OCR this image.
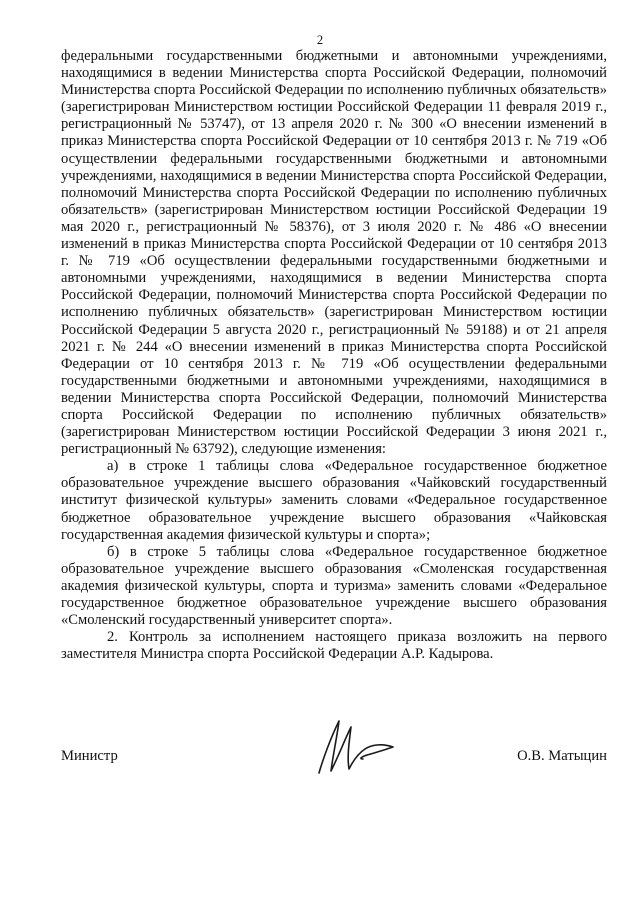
2

федеральными государственными бюджетными и автономными учреждениями, находящимися в ведении Министерства спорта Российской Федерации, полномочий Министерства спорта Российской Федерации по исполнению публичных обязательств» (зарегистрирован Министерством юстиции Российской Федерации 11 февраля 2019 г., регистрационный № 53747), от 13 апреля 2020 г. № 300 «О внесении изменений в приказ Министерства спорта Российской Федерации от 10 сентября 2013 г. № 719 «Об осуществлении федеральными государственными бюджетными и автономными учреждениями, находящимися в ведении Министерства спорта Российской Федерации, полномочий Министерства спорта Российской Федерации по исполнению публичных обязательств» (зарегистрирован Министерством юстиции Российской Федерации 19 мая 2020 г., регистрационный № 58376), от 3 июля 2020 г. № 486 «О внесении изменений в приказ Министерства спорта Российской Федерации от 10 сентября 2013 г. № 719 «Об осуществлении федеральными государственными бюджетными и автономными учреждениями, находящимися в ведении Министерства спорта Российской Федерации, полномочий Министерства спорта Российской Федерации по исполнению публичных обязательств» (зарегистрирован Министерством юстиции Российской Федерации 5 августа 2020 г., регистрационный № 59188) и от 21 апреля 2021 г. № 244 «О внесении изменений в приказ Министерства спорта Российской Федерации от 10 сентября 2013 г. № 719 «Об осуществлении федеральными государственными бюджетными и автономными учреждениями, находящимися в ведении Министерства спорта Российской Федерации, полномочий Министерства спорта Российской Федерации по исполнению публичных обязательств» (зарегистрирован Министерством юстиции Российской Федерации 3 июня 2021 г., регистрационный № 63792), следующие изменения:

а) в строке 1 таблицы слова «Федеральное государственное бюджетное образовательное учреждение высшего образования «Чайковский государственный институт физической культуры» заменить словами «Федеральное государственное бюджетное образовательное учреждение высшего образования «Чайковская государственная академия физической культуры и спорта»;

б) в строке 5 таблицы слова «Федеральное государственное бюджетное образовательное учреждение высшего образования «Смоленская государственная академия физической культуры, спорта и туризма» заменить словами «Федеральное государственное бюджетное образовательное учреждение высшего образования «Смоленский государственный университет спорта».

2. Контроль за исполнением настоящего приказа возложить на первого заместителя Министра спорта Российской Федерации А.Р. Кадырова.

Министр	О.В. Матыцин
